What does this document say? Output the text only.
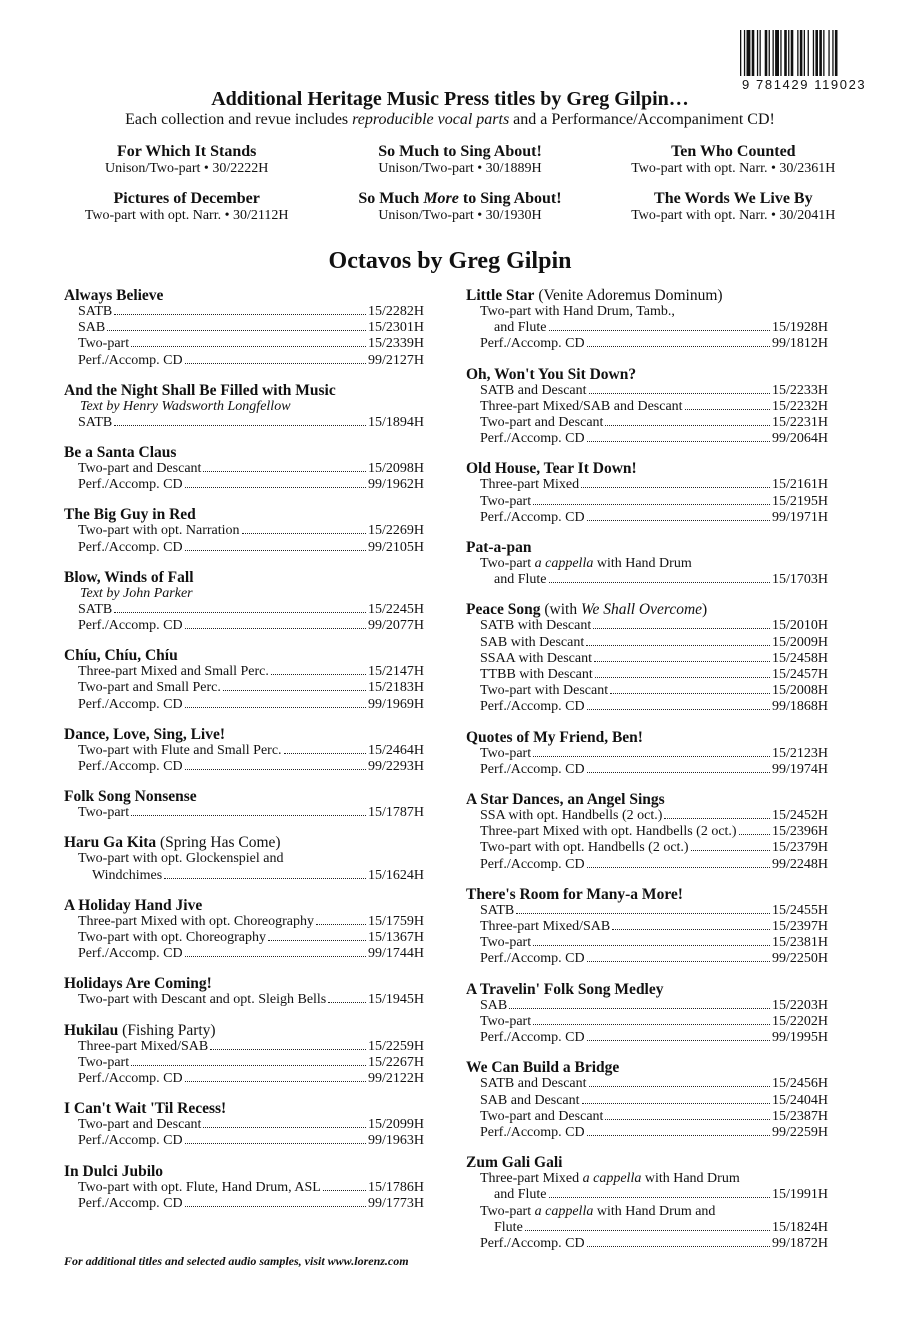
9 781429 119023
Additional Heritage Music Press titles by Greg Gilpin…
Each collection and revue includes reproducible vocal parts and a Performance/Accompaniment CD!
For Which It Stands
Unison/Two-part • 30/2222H
So Much to Sing About!
Unison/Two-part • 30/1889H
Ten Who Counted
Two-part with opt. Narr. • 30/2361H
Pictures of December
Two-part with opt. Narr. • 30/2112H
So Much More to Sing About!
Unison/Two-part • 30/1930H
The Words We Live By
Two-part with opt. Narr. • 30/2041H
Octavos by Greg Gilpin
Always Believe
SATB	15/2282H
SAB	15/2301H
Two-part	15/2339H
Perf./Accomp. CD	99/2127H
And the Night Shall Be Filled with Music
Text by Henry Wadsworth Longfellow
SATB	15/1894H
Be a Santa Claus
Two-part and Descant	15/2098H
Perf./Accomp. CD	99/1962H
The Big Guy in Red
Two-part with opt. Narration	15/2269H
Perf./Accomp. CD	99/2105H
Blow, Winds of Fall
Text by John Parker
SATB	15/2245H
Perf./Accomp. CD	99/2077H
Chíu, Chíu, Chíu
Three-part Mixed and Small Perc.	15/2147H
Two-part and Small Perc.	15/2183H
Perf./Accomp. CD	99/1969H
Dance, Love, Sing, Live!
Two-part with Flute and Small Perc.	15/2464H
Perf./Accomp. CD	99/2293H
Folk Song Nonsense
Two-part	15/1787H
Haru Ga Kita (Spring Has Come)
Two-part with opt. Glockenspiel and
Windchimes	15/1624H
A Holiday Hand Jive
Three-part Mixed with opt. Choreography	15/1759H
Two-part with opt. Choreography	15/1367H
Perf./Accomp. CD	99/1744H
Holidays Are Coming!
Two-part with Descant and opt. Sleigh Bells	15/1945H
Hukilau (Fishing Party)
Three-part Mixed/SAB	15/2259H
Two-part	15/2267H
Perf./Accomp. CD	99/2122H
I Can't Wait 'Til Recess!
Two-part and Descant	15/2099H
Perf./Accomp. CD	99/1963H
In Dulci Jubilo
Two-part with opt. Flute, Hand Drum, ASL	15/1786H
Perf./Accomp. CD	99/1773H
Little Star (Venite Adoremus Dominum)
Two-part with Hand Drum, Tamb.,
and Flute	15/1928H
Perf./Accomp. CD	99/1812H
Oh, Won't You Sit Down?
SATB and Descant	15/2233H
Three-part Mixed/SAB and Descant	15/2232H
Two-part and Descant	15/2231H
Perf./Accomp. CD	99/2064H
Old House, Tear It Down!
Three-part Mixed	15/2161H
Two-part	15/2195H
Perf./Accomp. CD	99/1971H
Pat-a-pan
Two-part a cappella with Hand Drum
and Flute	15/1703H
Peace Song (with We Shall Overcome)
SATB with Descant	15/2010H
SAB with Descant	15/2009H
SSAA with Descant	15/2458H
TTBB with Descant	15/2457H
Two-part with Descant	15/2008H
Perf./Accomp. CD	99/1868H
Quotes of My Friend, Ben!
Two-part	15/2123H
Perf./Accomp. CD	99/1974H
A Star Dances, an Angel Sings
SSA with opt. Handbells (2 oct.)	15/2452H
Three-part Mixed with opt. Handbells (2 oct.)	15/2396H
Two-part with opt. Handbells (2 oct.)	15/2379H
Perf./Accomp. CD	99/2248H
There's Room for Many-a More!
SATB	15/2455H
Three-part Mixed/SAB	15/2397H
Two-part	15/2381H
Perf./Accomp. CD	99/2250H
A Travelin' Folk Song Medley
SAB	15/2203H
Two-part	15/2202H
Perf./Accomp. CD	99/1995H
We Can Build a Bridge
SATB and Descant	15/2456H
SAB and Descant	15/2404H
Two-part and Descant	15/2387H
Perf./Accomp. CD	99/2259H
Zum Gali Gali
Three-part Mixed a cappella with Hand Drum
and Flute	15/1991H
Two-part a cappella with Hand Drum and
Flute	15/1824H
Perf./Accomp. CD	99/1872H
For additional titles and selected audio samples, visit www.lorenz.com
